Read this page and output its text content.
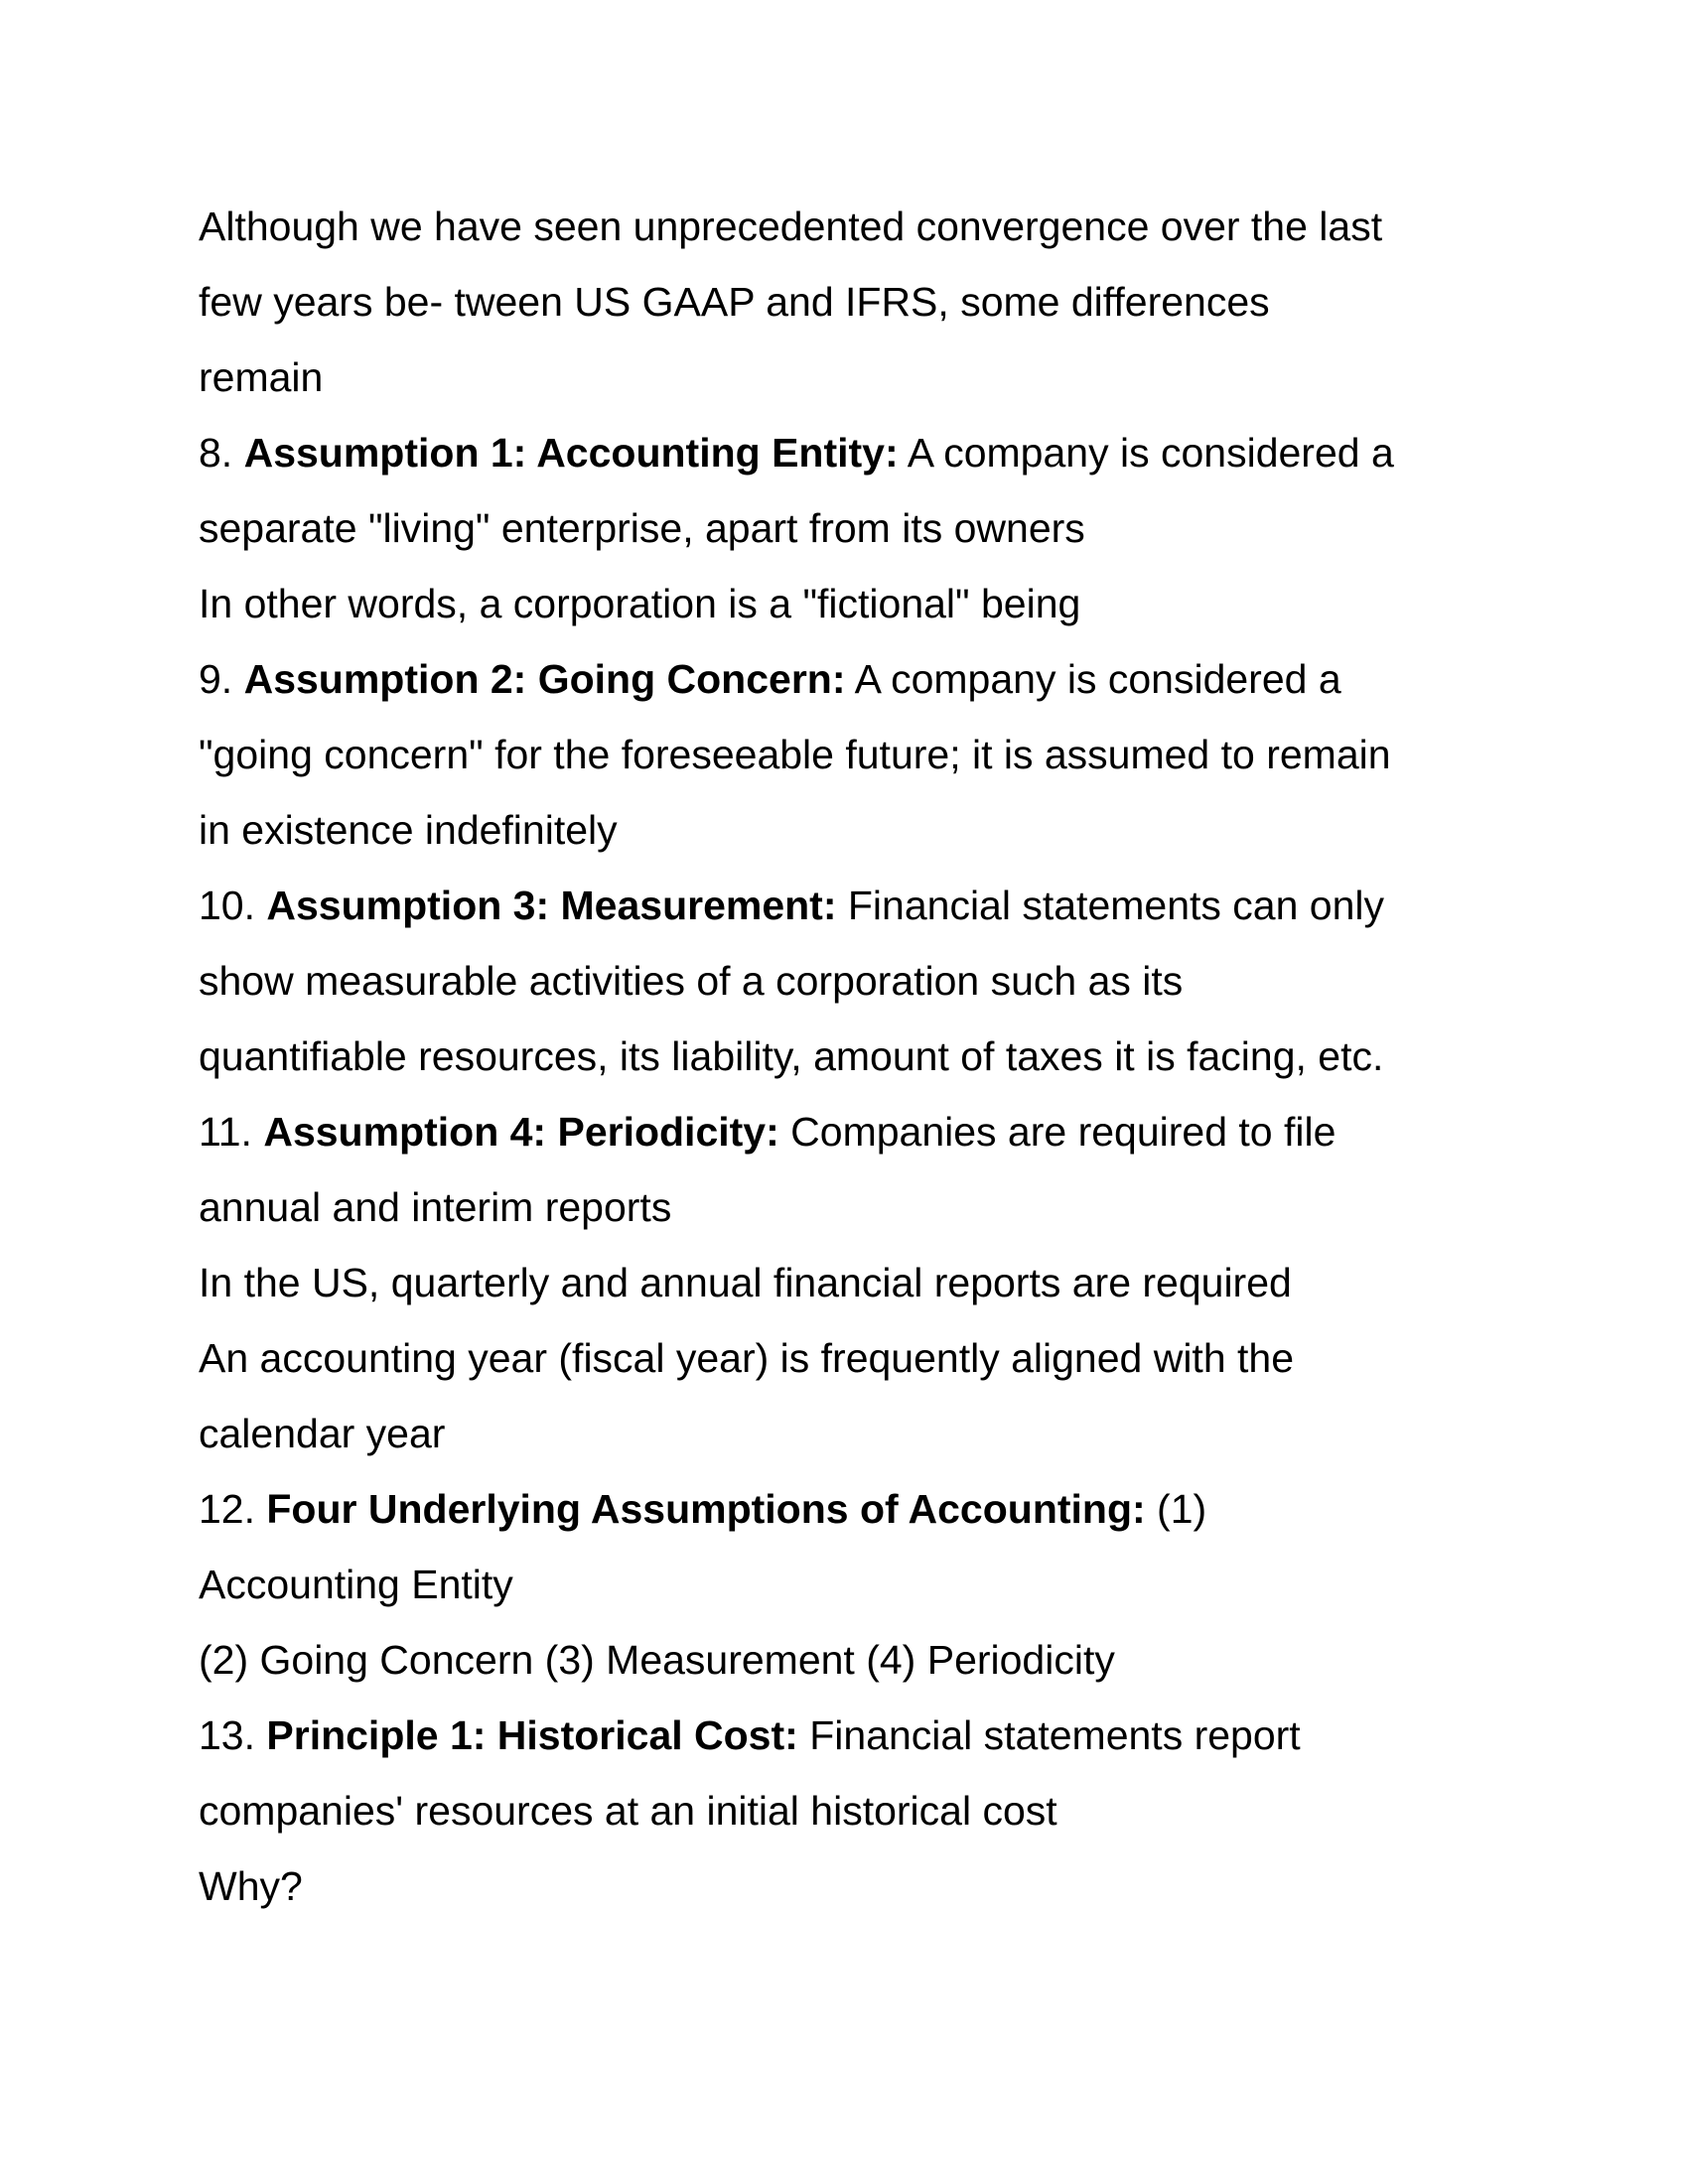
Although we have seen unprecedented convergence over the last
few years be- tween US GAAP and IFRS, some differences
remain
8. Assumption 1: Accounting Entity: A company is considered a
separate "living" enterprise, apart from its owners
In other words, a corporation is a "fictional" being
9. Assumption 2: Going Concern: A company is considered a
"going concern" for the foreseeable future; it is assumed to remain
in existence indefinitely
10. Assumption 3: Measurement: Financial statements can only
show measurable activities of a corporation such as its
quantifiable resources, its liability, amount of taxes it is facing, etc.
11. Assumption 4: Periodicity: Companies are required to file
annual and interim reports
In the US, quarterly and annual financial reports are required
An accounting year (fiscal year) is frequently aligned with the
calendar year
12. Four Underlying Assumptions of Accounting: (1)
Accounting Entity
(2) Going Concern (3) Measurement (4) Periodicity
13. Principle 1: Historical Cost: Financial statements report
companies' resources at an initial historical cost
Why?
